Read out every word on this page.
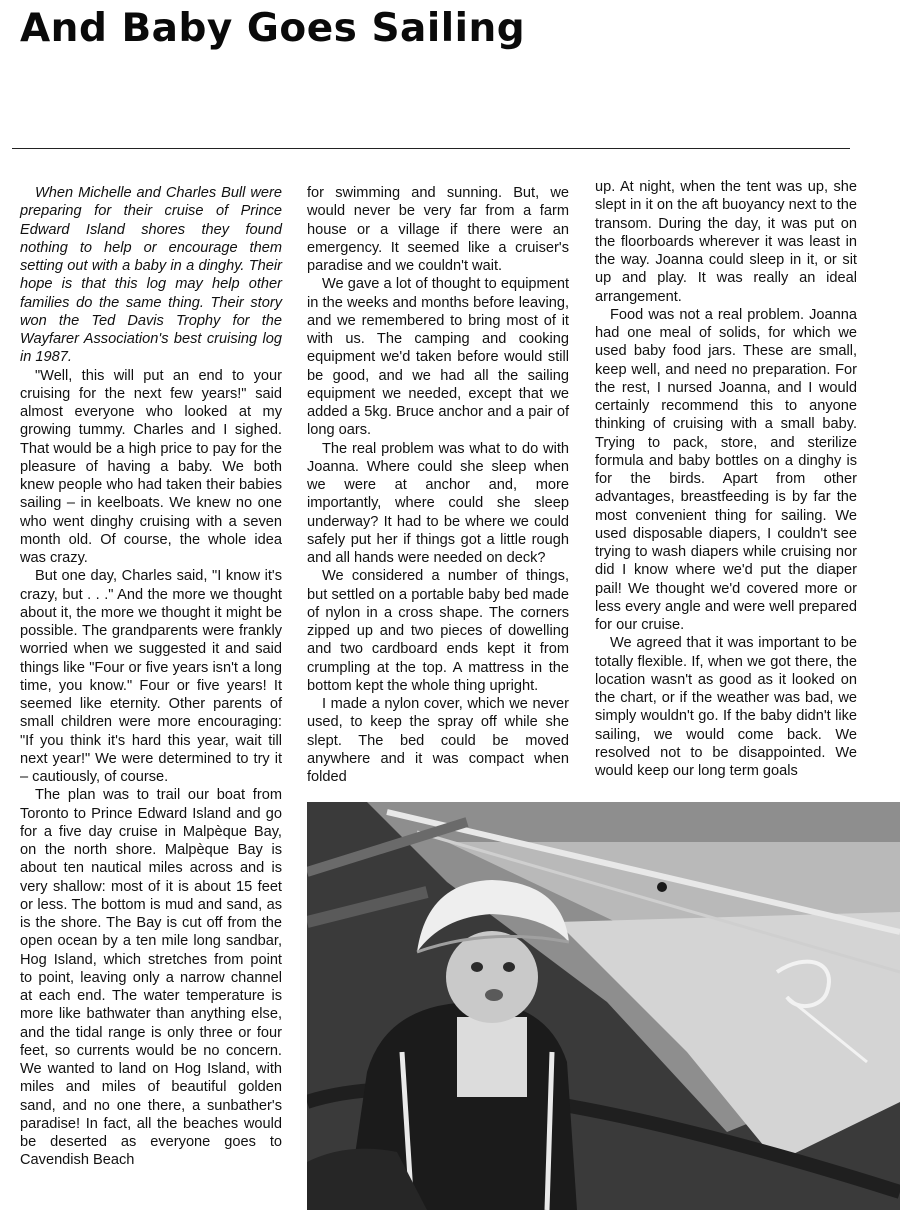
And Baby Goes Sailing

When Michelle and Charles Bull were preparing for their cruise of Prince Edward Island shores they found nothing to help or encourage them setting out with a baby in a dinghy. Their hope is that this log may help other families do the same thing. Their story won the Ted Davis Trophy for the Wayfarer Association's best cruising log in 1987.

"Well, this will put an end to your cruising for the next few years!" said almost everyone who looked at my growing tummy. Charles and I sighed. That would be a high price to pay for the pleasure of having a baby. We both knew people who had taken their babies sailing – in keelboats. We knew no one who went dinghy cruising with a seven month old. Of course, the whole idea was crazy.

But one day, Charles said, "I know it's crazy, but . . ." And the more we thought about it, the more we thought it might be possible. The grandparents were frankly worried when we suggested it and said things like "Four or five years isn't a long time, you know." Four or five years! It seemed like eternity. Other parents of small children were more encouraging: "If you think it's hard this year, wait till next year!" We were determined to try it – cautiously, of course.

The plan was to trail our boat from Toronto to Prince Edward Island and go for a five day cruise in Malpèque Bay, on the north shore. Malpèque Bay is about ten nautical miles across and is very shallow: most of it is about 15 feet or less. The bottom is mud and sand, as is the shore. The Bay is cut off from the open ocean by a ten mile long sandbar, Hog Island, which stretches from point to point, leaving only a narrow channel at each end. The water temperature is more like bathwater than anything else, and the tidal range is only three or four feet, so currents would be no concern. We wanted to land on Hog Island, with miles and miles of beautiful golden sand, and no one there, a sunbather's paradise! In fact, all the beaches would be deserted as everyone goes to Cavendish Beach

for swimming and sunning. But, we would never be very far from a farm house or a village if there were an emergency. It seemed like a cruiser's paradise and we couldn't wait.

We gave a lot of thought to equipment in the weeks and months before leaving, and we remembered to bring most of it with us. The camping and cooking equipment we'd taken before would still be good, and we had all the sailing equipment we needed, except that we added a 5kg. Bruce anchor and a pair of long oars.

The real problem was what to do with Joanna. Where could she sleep when we were at anchor and, more importantly, where could she sleep underway? It had to be where we could safely put her if things got a little rough and all hands were needed on deck?

We considered a number of things, but settled on a portable baby bed made of nylon in a cross shape. The corners zipped up and two pieces of dowelling and two cardboard ends kept it from crumpling at the top. A mattress in the bottom kept the whole thing upright.

I made a nylon cover, which we never used, to keep the spray off while she slept. The bed could be moved anywhere and it was compact when folded

up. At night, when the tent was up, she slept in it on the aft buoyancy next to the transom. During the day, it was put on the floorboards wherever it was least in the way. Joanna could sleep in it, or sit up and play. It was really an ideal arrangement.

Food was not a real problem. Joanna had one meal of solids, for which we used baby food jars. These are small, keep well, and need no preparation. For the rest, I nursed Joanna, and I would certainly recommend this to anyone thinking of cruising with a small baby. Trying to pack, store, and sterilize formula and baby bottles on a dinghy is for the birds. Apart from other advantages, breastfeeding is by far the most convenient thing for sailing. We used disposable diapers, I couldn't see trying to wash diapers while cruising nor did I know where we'd put the diaper pail! We thought we'd covered more or less every angle and were well prepared for our cruise.

We agreed that it was important to be totally flexible. If, when we got there, the location wasn't as good as it looked on the chart, or if the weather was bad, we simply wouldn't go. If the baby didn't like sailing, we would come back. We resolved not to be disappointed. We would keep our long term goals
